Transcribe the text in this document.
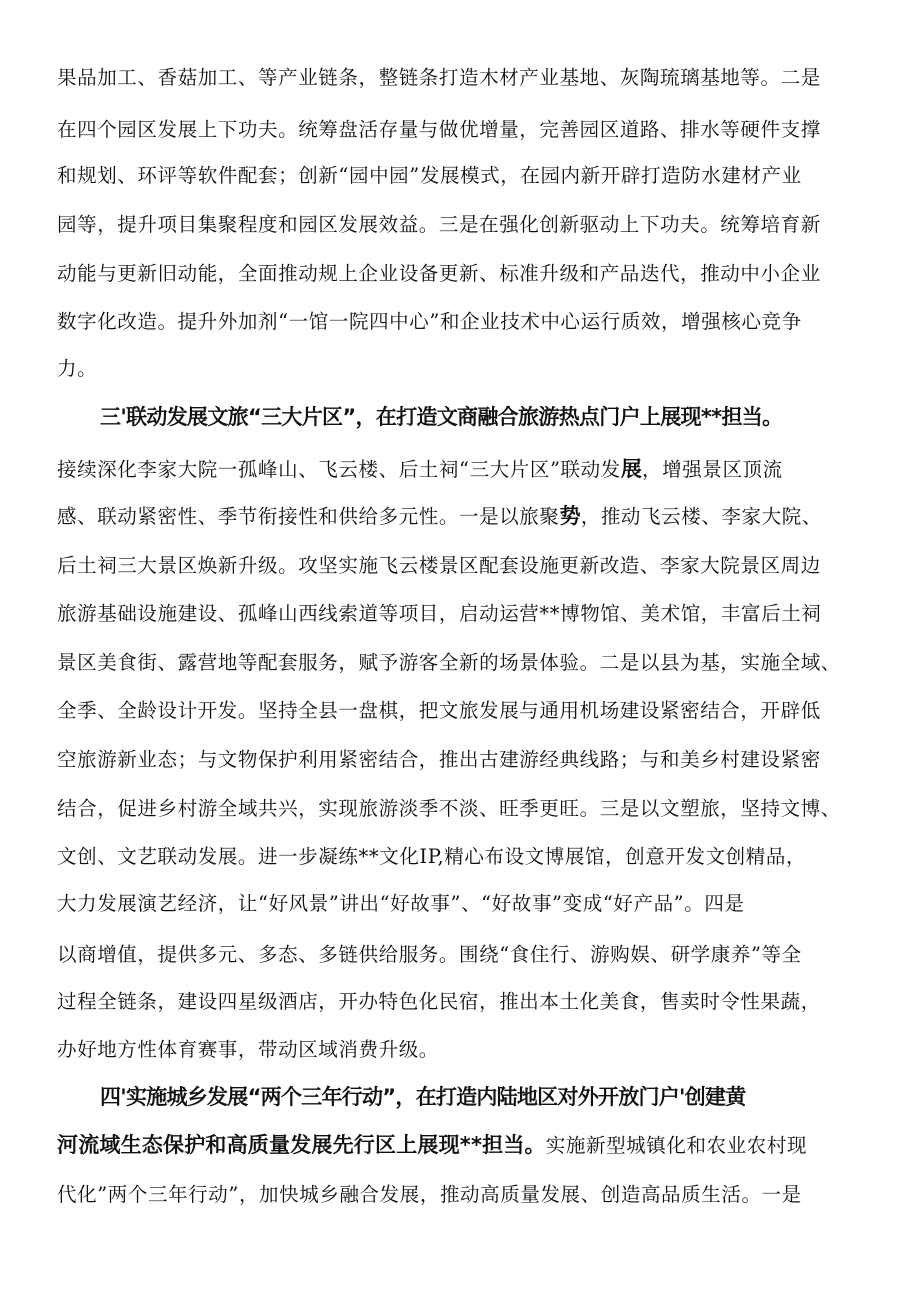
果品加工、香菇加工、等产业链条，整链条打造木材产业基地、灰陶琉璃基地等。二是
在四个园区发展上下功夫。统筹盘活存量与做优增量，完善园区道路、排水等硬件支撑
和规划、环评等软件配套；创新“园中园”发展模式，在园内新开辟打造防水建材产业
园等，提升项目集聚程度和园区发展效益。三是在强化创新驱动上下功夫。统筹培育新
动能与更新旧动能，全面推动规上企业设备更新、标准升级和产品迭代，推动中小企业
数字化改造。提升外加剂“一馆一院四中心”和企业技术中心运行质效，增强核心竞争
力。
三'联动发展文旅“三大片区”，在打造文商融合旅游热点门户上展现**担当。
接续深化李家大院一孤峰山、飞云楼、后土祠“三大片区”联动发展，增强景区顶流
感、联动紧密性、季节衔接性和供给多元性。一是以旅聚势，推动飞云楼、李家大院、
后土祠三大景区焕新升级。攻坚实施飞云楼景区配套设施更新改造、李家大院景区周边
旅游基础设施建设、孤峰山西线索道等项目，启动运营**博物馆、美术馆，丰富后土祠
景区美食街、露营地等配套服务，赋予游客全新的场景体验。二是以县为基，实施全域、
全季、全龄设计开发。坚持全县一盘棋，把文旅发展与通用机场建设紧密结合，开辟低
空旅游新业态；与文物保护利用紧密结合，推出古建游经典线路；与和美乡村建设紧密
结合，促进乡村游全域共兴，实现旅游淡季不淡、旺季更旺。三是以文塑旅，坚持文博、
文创、文艺联动发展。进一步凝练**文化IP,精心布设文博展馆，创意开发文创精品，
大力发展演艺经济，让“好风景”讲出“好故事”、“好故事”变成“好产品”。四是
以商增值，提供多元、多态、多链供给服务。围绕“食住行、游购娱、研学康养”等全
过程全链条，建设四星级酒店，开办特色化民宿，推出本土化美食，售卖时令性果蔬，
办好地方性体育赛事，带动区域消费升级。
四'实施城乡发展“两个三年行动”，在打造内陆地区对外开放门户'创建黄
河流域生态保护和高质量发展先行区上展现**担当。实施新型城镇化和农业农村现
代化”两个三年行动”，加快城乡融合发展，推动高质量发展、创造高品质生活。一是
